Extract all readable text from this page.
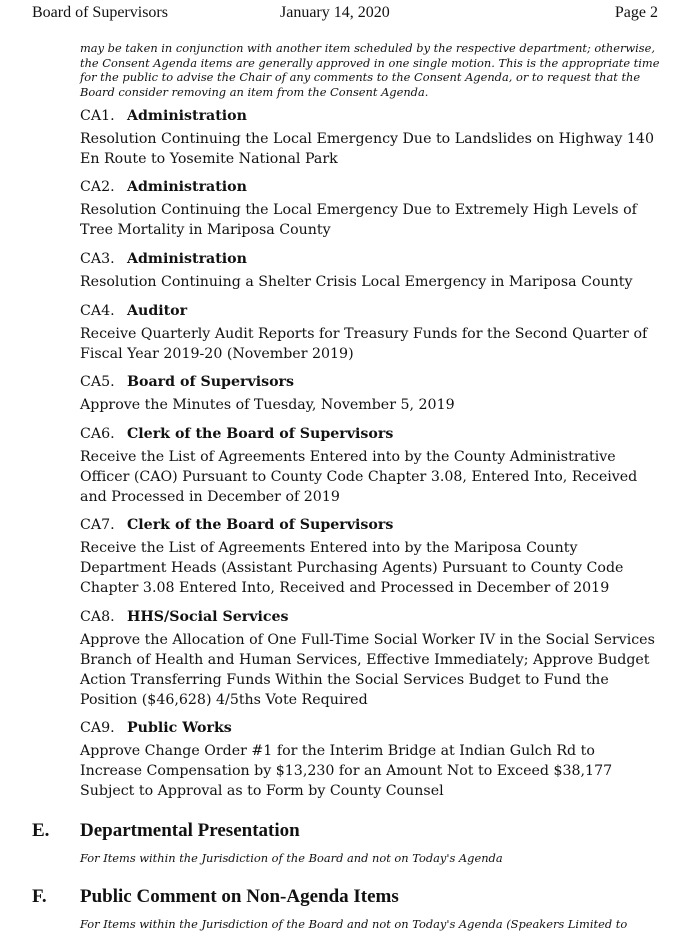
Board of Supervisors	January 14, 2020	Page 2
may be taken in conjunction with another item scheduled by the respective department; otherwise, the Consent Agenda items are generally approved in one single motion. This is the appropriate time for the public to advise the Chair of any comments to the Consent Agenda, or to request that the Board consider removing an item from the Consent Agenda.
CA1. Administration
Resolution Continuing the Local Emergency Due to Landslides on Highway 140 En Route to Yosemite National Park
CA2. Administration
Resolution Continuing the Local Emergency Due to Extremely High Levels of Tree Mortality in Mariposa County
CA3. Administration
Resolution Continuing a Shelter Crisis Local Emergency in Mariposa County
CA4. Auditor
Receive Quarterly Audit Reports for Treasury Funds for the Second Quarter of Fiscal Year 2019-20 (November 2019)
CA5. Board of Supervisors
Approve the Minutes of Tuesday, November 5, 2019
CA6. Clerk of the Board of Supervisors
Receive the List of Agreements Entered into by the County Administrative Officer (CAO) Pursuant to County Code Chapter 3.08, Entered Into, Received and Processed in December of 2019
CA7. Clerk of the Board of Supervisors
Receive the List of Agreements Entered into by the Mariposa County Department Heads (Assistant Purchasing Agents) Pursuant to County Code Chapter 3.08 Entered Into, Received and Processed in December of 2019
CA8. HHS/Social Services
Approve the Allocation of One Full-Time Social Worker IV in the Social Services Branch of Health and Human Services, Effective Immediately; Approve Budget Action Transferring Funds Within the Social Services Budget to Fund the Position ($46,628) 4/5ths Vote Required
CA9. Public Works
Approve Change Order #1 for the Interim Bridge at Indian Gulch Rd to Increase Compensation by $13,230 for an Amount Not to Exceed $38,177 Subject to Approval as to Form by County Counsel
E. Departmental Presentation
For Items within the Jurisdiction of the Board and not on Today's Agenda
F. Public Comment on Non-Agenda Items
For Items within the Jurisdiction of the Board and not on Today's Agenda (Speakers Limited to
